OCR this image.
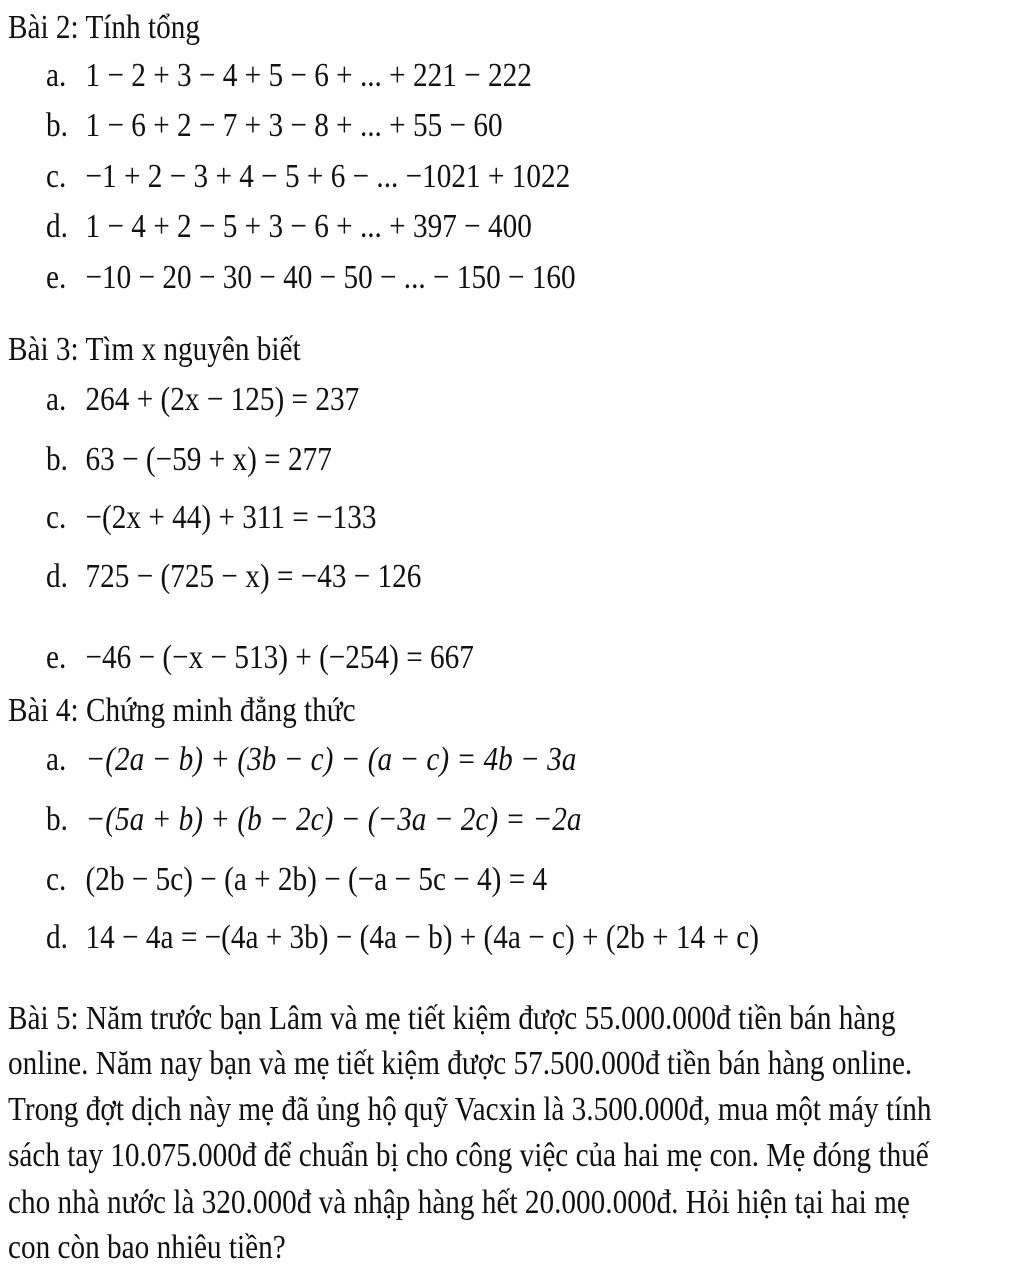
Bài 2: Tính tổng
a. 1 − 2 + 3 − 4 + 5 − 6 + ... + 221 − 222
b. 1 − 6 + 2 − 7 + 3 − 8 + ... + 55 − 60
c. −1 + 2 − 3 + 4 − 5 + 6 − ... −1021 + 1022
d. 1 − 4 + 2 − 5 + 3 − 6 + ... + 397 − 400
e. −10 − 20 − 30 − 40 − 50 − ... − 150 − 160
Bài 3: Tìm x nguyên biết
a. 264 + (2x − 125) = 237
b. 63 − (−59 + x) = 277
c. −(2x + 44) + 311 = −133
d. 725 − (725 − x) = −43 − 126
e. −46 − (−x − 513) + (−254) = 667
Bài 4: Chứng minh đẳng thức
a. −(2a − b) + (3b − c) − (a − c) = 4b − 3a
b. −(5a + b) + (b − 2c) − (−3a − 2c) = −2a
c. (2b − 5c) − (a + 2b) − (−a − 5c − 4) = 4
d. 14 − 4a = −(4a + 3b) − (4a − b) + (4a − c) + (2b + 14 + c)
Bài 5: Năm trước bạn Lâm và mẹ tiết kiệm được 55.000.000đ tiền bán hàng
online. Năm nay bạn và mẹ tiết kiệm được 57.500.000đ tiền bán hàng online.
Trong đợt dịch này mẹ đã ủng hộ quỹ Vacxin là 3.500.000đ, mua một máy tính
sách tay 10.075.000đ để chuẩn bị cho công việc của hai mẹ con. Mẹ đóng thuế
cho nhà nước là 320.000đ và nhập hàng hết 20.000.000đ. Hỏi hiện tại hai mẹ
con còn bao nhiêu tiền?
